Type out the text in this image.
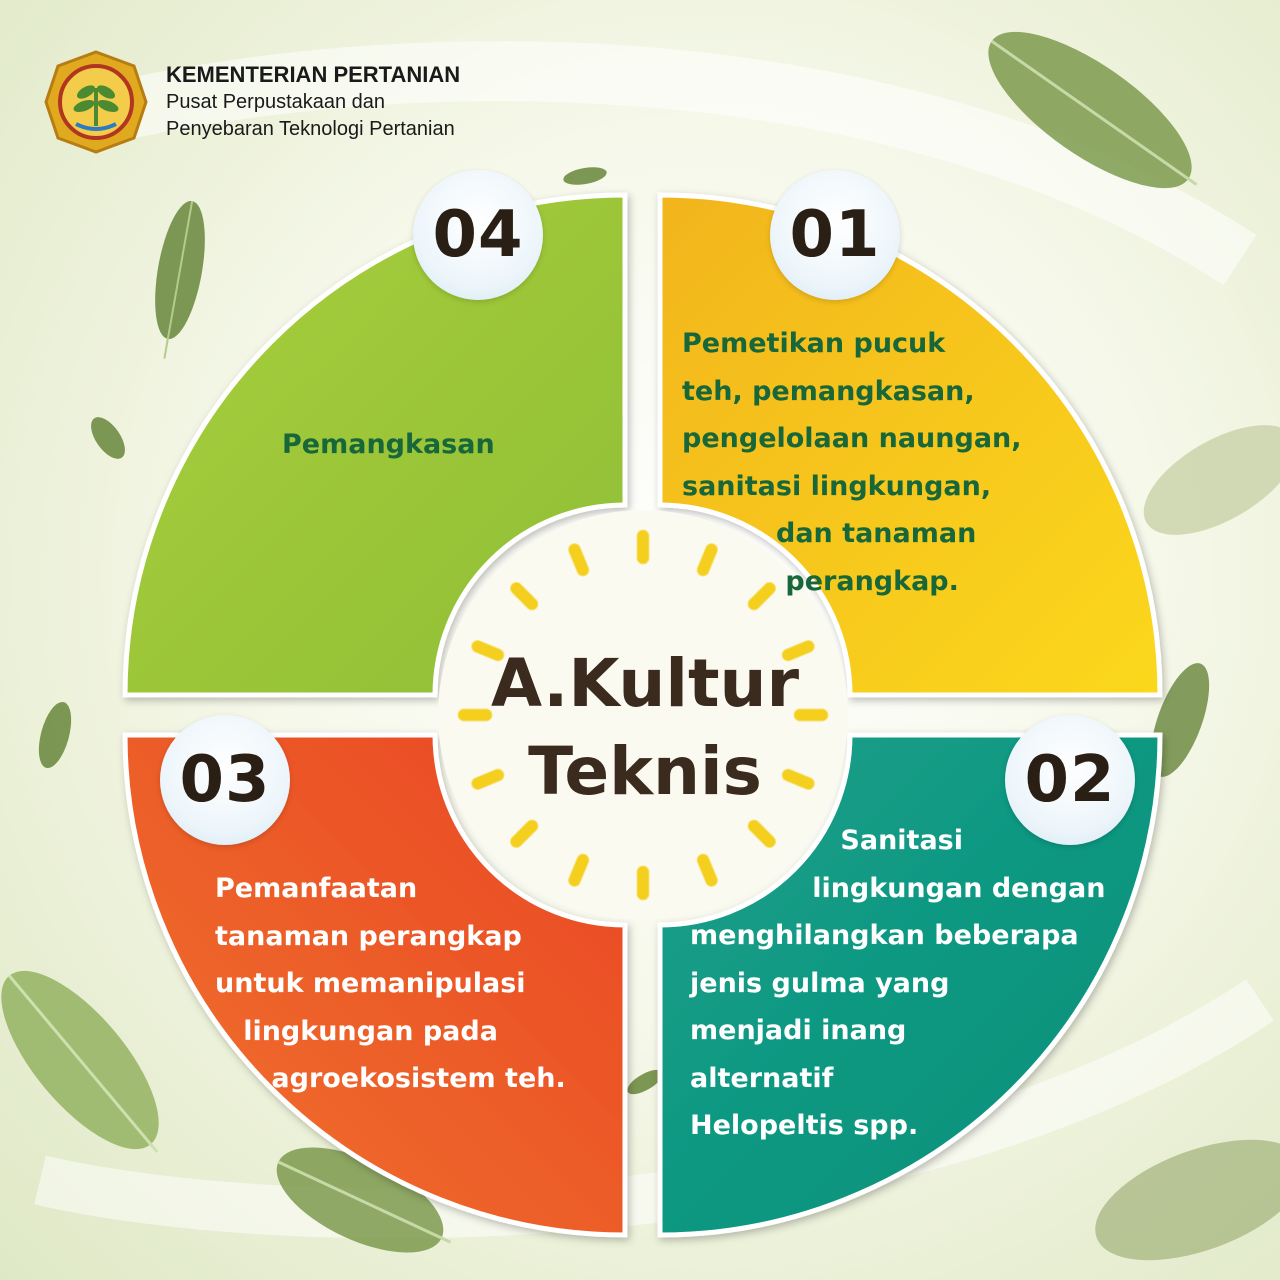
KEMENTERIAN PERTANIAN
Pusat Perpustakaan dan
Penyebaran Teknologi Pertanian
04	01
03	02
Pemetikan pucuk
teh, pemangkasan,
pengelolaan naungan,
sanitasi lingkungan,
dan tanaman
perangkap.
Sanitasi
lingkungan dengan
menghilangkan beberapa
jenis gulma yang
menjadi inang
alternatif
Helopeltis spp.
Pemanfaatan
tanaman perangkap
untuk memanipulasi
lingkungan pada
agroekosistem teh.
Pemangkasan
A.Kultur
Teknis
